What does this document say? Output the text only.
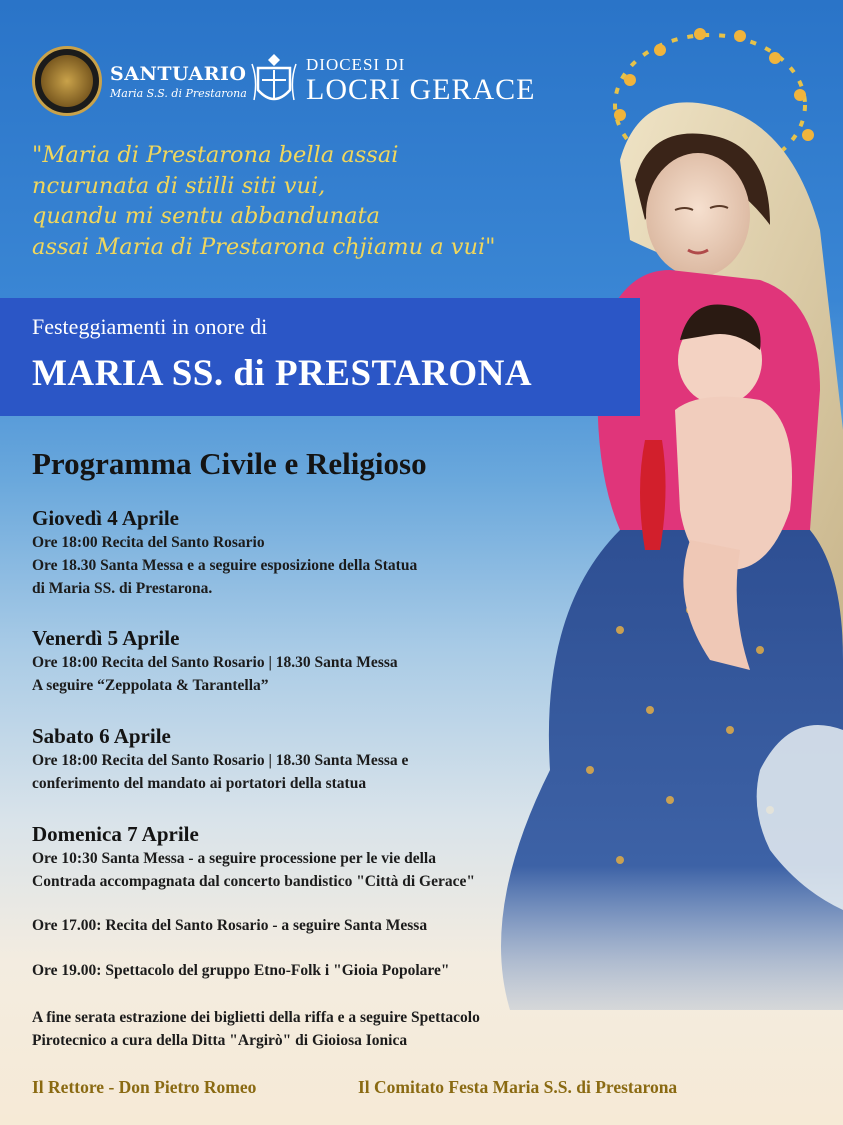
SANTUARIO
Maria S.S. di Prestarona
DIOCESI DI
LOCRI GERACE
"Maria di Prestarona bella assai
ncurunata di stilli siti vui,
quandu mi sentu abbandunata
assai Maria di Prestarona chjiamu a vui"
Festeggiamenti in onore di
MARIA SS. di PRESTARONA
Programma Civile e Religioso
Giovedì 4 Aprile
Ore 18:00 Recita del Santo Rosario
Ore 18.30 Santa Messa e a seguire esposizione della Statua
di Maria SS. di Prestarona.
Venerdì 5 Aprile
Ore 18:00 Recita del Santo Rosario | 18.30 Santa Messa
A seguire “Zeppolata & Tarantella”
Sabato 6 Aprile
Ore 18:00 Recita del Santo Rosario | 18.30 Santa Messa e
conferimento del mandato ai portatori della statua
Domenica 7 Aprile
Ore 10:30 Santa Messa - a seguire processione per le vie della
Contrada accompagnata dal concerto bandistico "Città di Gerace"
Ore 17.00: Recita del Santo Rosario - a seguire Santa Messa
Ore 19.00: Spettacolo del gruppo Etno-Folk i "Gioia Popolare"
A fine serata estrazione dei biglietti della riffa e a seguire Spettacolo
Pirotecnico a cura della Ditta "Argirò" di Gioiosa Ionica
Il Rettore - Don Pietro Romeo	Il Comitato Festa Maria S.S. di Prestarona
